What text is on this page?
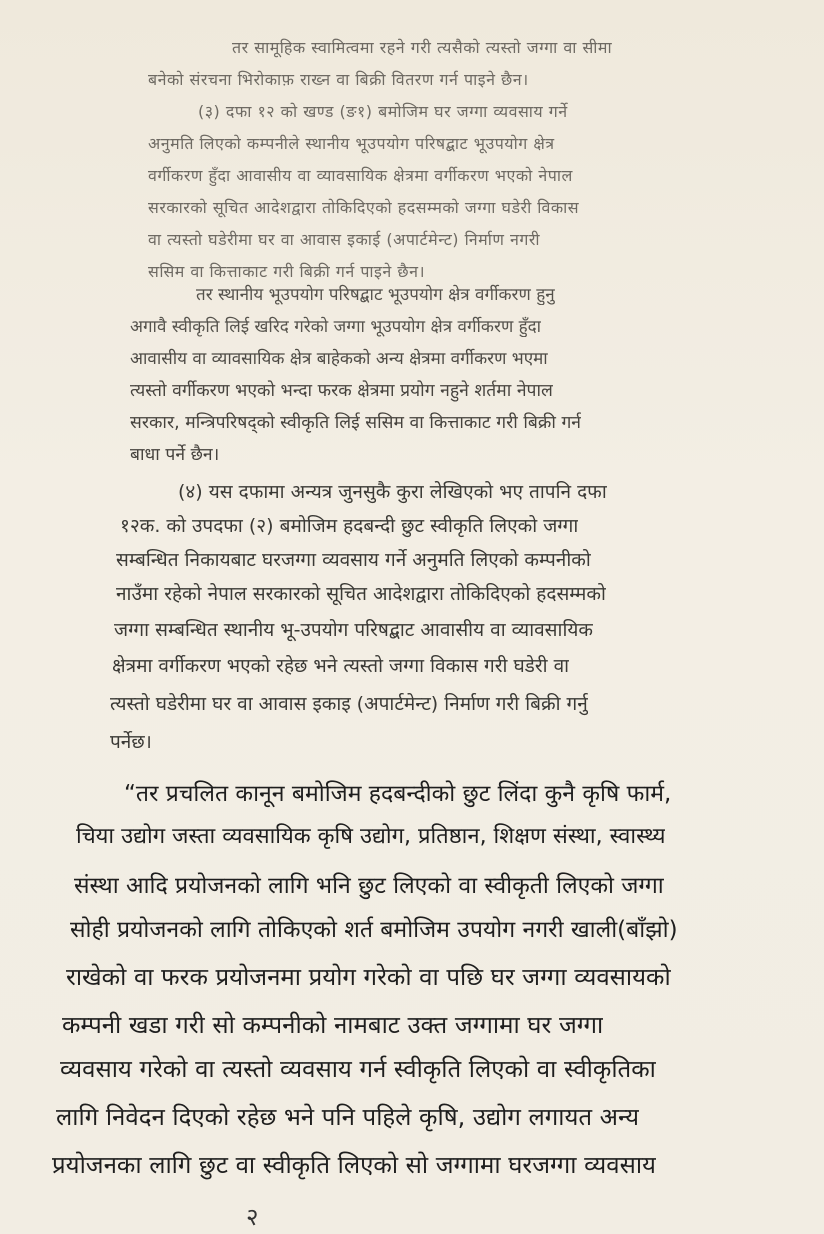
तर सामूहिक स्वामित्वमा रहने गरी त्यसैको त्यस्तो जग्गा वा सीमा
बनेको संरचना भिरोकाफ़ राख्न वा बिक्री वितरण गर्न पाइने छैन।
(३) दफा १२ को खण्ड (ङ१) बमोजिम घर जग्गा व्यवसाय गर्ने
अनुमति लिएको कम्पनीले स्थानीय भूउपयोग परिषद्बाट भूउपयोग क्षेत्र
वर्गीकरण हुँदा आवासीय वा व्यावसायिक क्षेत्रमा वर्गीकरण भएको नेपाल
सरकारको सूचित आदेशद्वारा तोकिदिएको हदसम्मको जग्गा घडेरी विकास
वा त्यस्तो घडेरीमा घर वा आवास इकाई (अपार्टमेन्ट) निर्माण नगरी
ससिम वा कित्ताकाट गरी बिक्री गर्न पाइने छैन।
तर स्थानीय भूउपयोग परिषद्बाट भूउपयोग क्षेत्र वर्गीकरण हुनु
अगावै स्वीकृति लिई खरिद गरेको जग्गा भूउपयोग क्षेत्र वर्गीकरण हुँदा
आवासीय वा व्यावसायिक क्षेत्र बाहेकको अन्य क्षेत्रमा वर्गीकरण भएमा
त्यस्तो वर्गीकरण भएको भन्दा फरक क्षेत्रमा प्रयोग नहुने शर्तमा नेपाल
सरकार, मन्त्रिपरिषद्को स्वीकृति लिई ससिम वा कित्ताकाट गरी बिक्री गर्न
बाधा पर्ने छैन।
(४) यस दफामा अन्यत्र जुनसुकै कुरा लेखिएको भए तापनि दफा
१२क. को उपदफा (२) बमोजिम हदबन्दी छुट स्वीकृति लिएको जग्गा
सम्बन्धित निकायबाट घरजग्गा व्यवसाय गर्ने अनुमति लिएको कम्पनीको
नाउँमा रहेको नेपाल सरकारको सूचित आदेशद्वारा तोकिदिएको हदसम्मको
जग्गा सम्बन्धित स्थानीय भू-उपयोग परिषद्बाट आवासीय वा व्यावसायिक
क्षेत्रमा वर्गीकरण भएको रहेछ भने त्यस्तो जग्गा विकास गरी घडेरी वा
त्यस्तो घडेरीमा घर वा आवास इकाइ (अपार्टमेन्ट) निर्माण गरी बिक्री गर्नु
पर्नेछ।
“तर प्रचलित कानून बमोजिम हदबन्दीको छुट लिंदा कुनै कृषि फार्म,
चिया उद्योग जस्ता व्यवसायिक कृषि उद्योग, प्रतिष्ठान, शिक्षण संस्था, स्वास्थ्य
संस्था आदि प्रयोजनको लागि भनि छुट लिएको वा स्वीकृती लिएको जग्गा
सोही प्रयोजनको लागि तोकिएको शर्त बमोजिम उपयोग नगरी खाली(बाँझो)
राखेको वा फरक प्रयोजनमा प्रयोग गरेको वा पछि घर जग्गा व्यवसायको
कम्पनी खडा गरी सो कम्पनीको नामबाट उक्त जग्गामा घर जग्गा
व्यवसाय गरेको वा त्यस्तो व्यवसाय गर्न स्वीकृति लिएको वा स्वीकृतिका
लागि निवेदन दिएको रहेछ भने पनि पहिले कृषि, उद्योग लगायत अन्य
प्रयोजनका लागि छुट वा स्वीकृति लिएको सो जग्गामा घरजग्गा व्यवसाय
२
